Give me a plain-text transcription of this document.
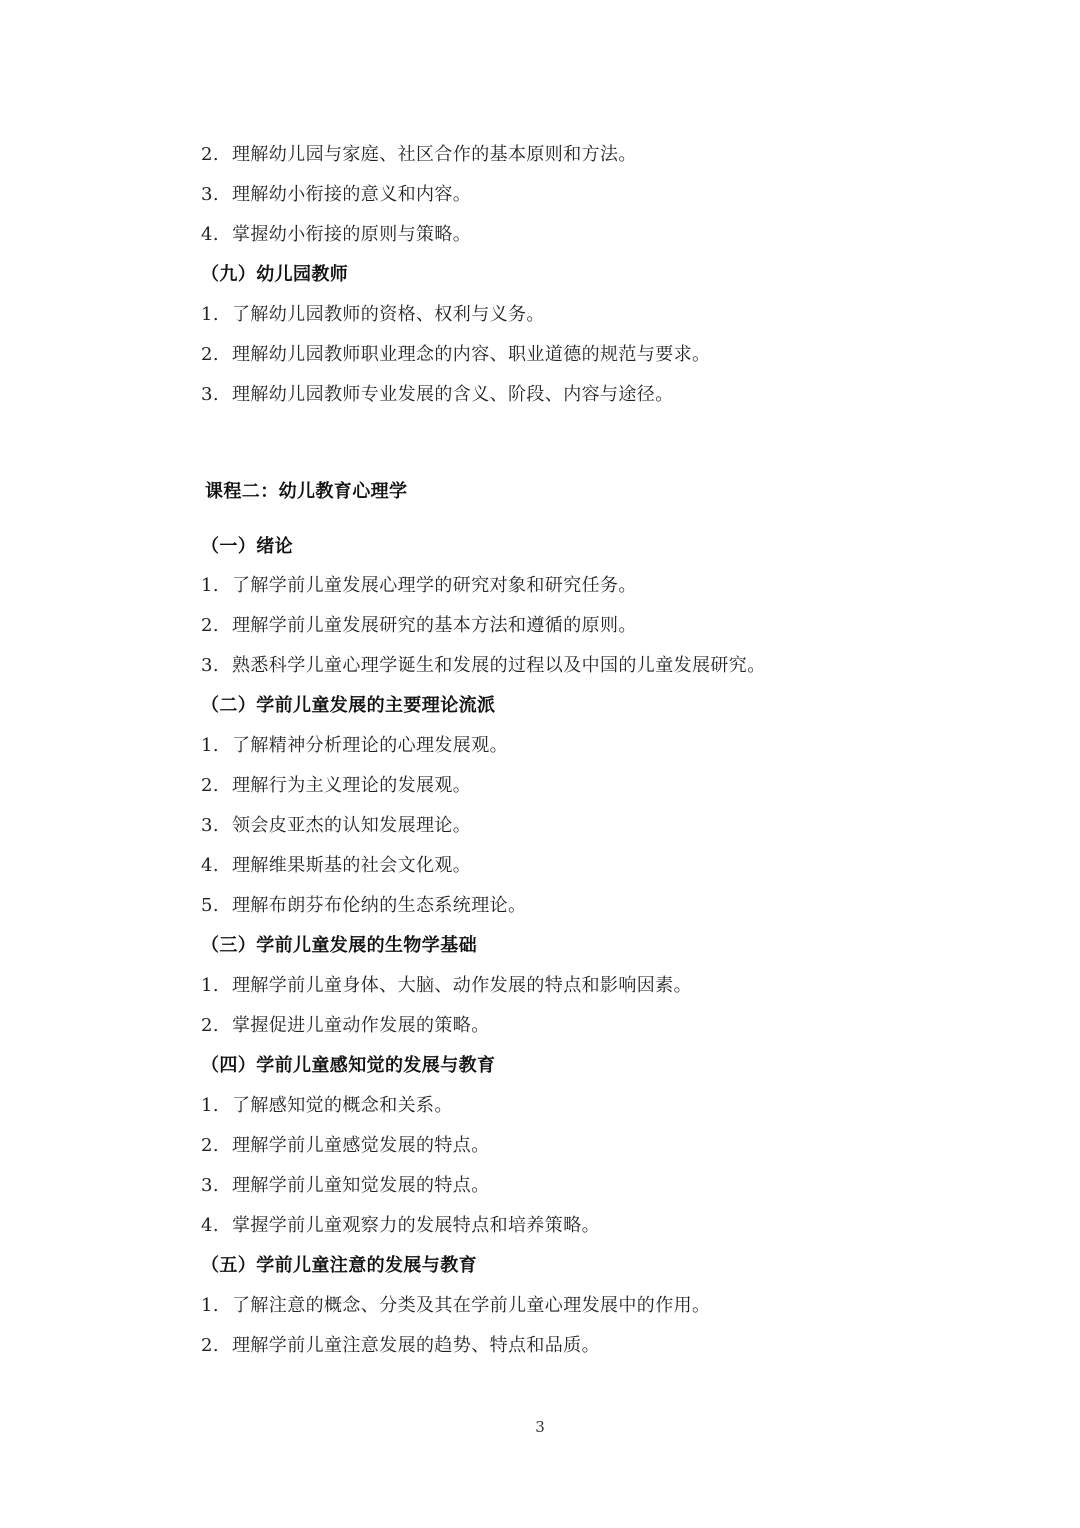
2. 理解幼儿园与家庭、社区合作的基本原则和方法。
3. 理解幼小衔接的意义和内容。
4. 掌握幼小衔接的原则与策略。
（九）幼儿园教师
1. 了解幼儿园教师的资格、权利与义务。
2. 理解幼儿园教师职业理念的内容、职业道德的规范与要求。
3. 理解幼儿园教师专业发展的含义、阶段、内容与途径。
课程二：幼儿教育心理学
（一）绪论
1. 了解学前儿童发展心理学的研究对象和研究任务。
2. 理解学前儿童发展研究的基本方法和遵循的原则。
3. 熟悉科学儿童心理学诞生和发展的过程以及中国的儿童发展研究。
（二）学前儿童发展的主要理论流派
1. 了解精神分析理论的心理发展观。
2. 理解行为主义理论的发展观。
3. 领会皮亚杰的认知发展理论。
4. 理解维果斯基的社会文化观。
5. 理解布朗芬布伦纳的生态系统理论。
（三）学前儿童发展的生物学基础
1. 理解学前儿童身体、大脑、动作发展的特点和影响因素。
2. 掌握促进儿童动作发展的策略。
（四）学前儿童感知觉的发展与教育
1. 了解感知觉的概念和关系。
2. 理解学前儿童感觉发展的特点。
3. 理解学前儿童知觉发展的特点。
4. 掌握学前儿童观察力的发展特点和培养策略。
（五）学前儿童注意的发展与教育
1. 了解注意的概念、分类及其在学前儿童心理发展中的作用。
2. 理解学前儿童注意发展的趋势、特点和品质。
3
